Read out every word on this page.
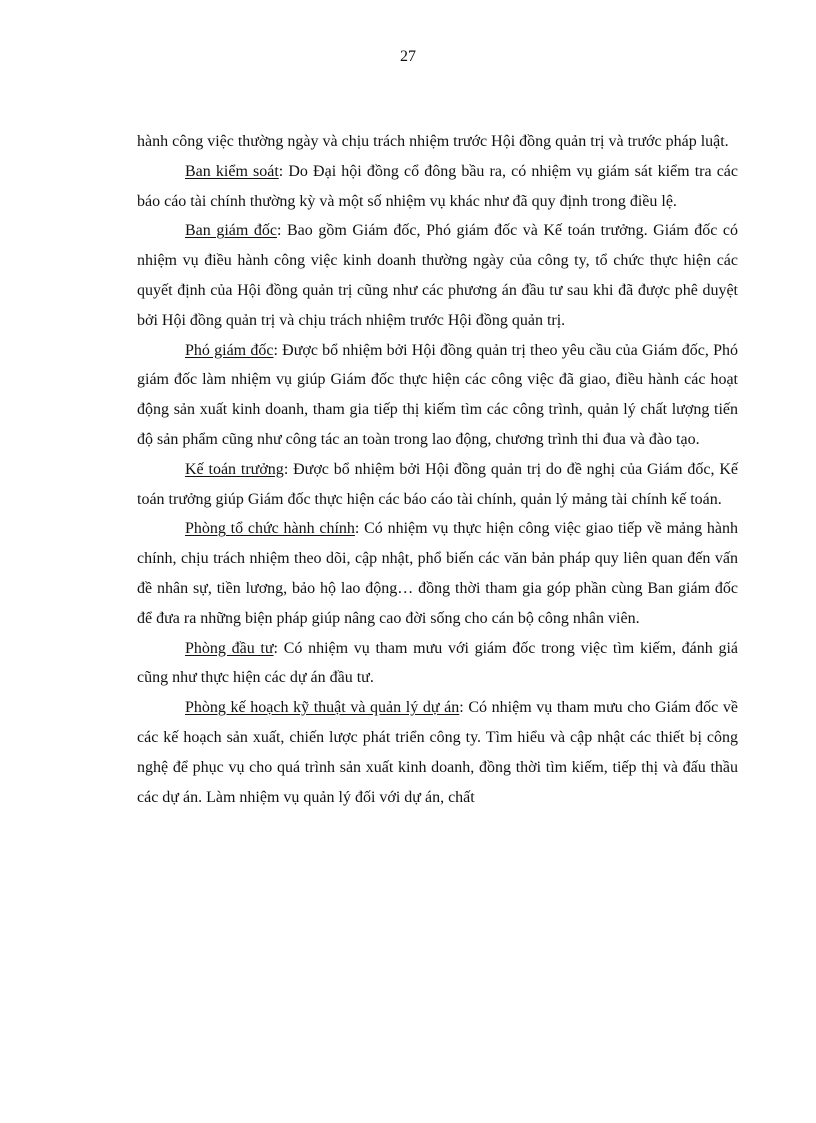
27

hành công việc thường ngày và chịu trách nhiệm trước Hội đồng quản trị và trước pháp luật.

Ban kiểm soát: Do Đại hội đồng cổ đông bầu ra, có nhiệm vụ giám sát kiểm tra các báo cáo tài chính thường kỳ và một số nhiệm vụ khác như đã quy định trong điều lệ.

Ban giám đốc: Bao gồm Giám đốc, Phó giám đốc và Kế toán trưởng. Giám đốc có nhiệm vụ điều hành công việc kinh doanh thường ngày của công ty, tổ chức thực hiện các quyết định của Hội đồng quản trị cũng như các phương án đầu tư sau khi đã được phê duyệt bởi Hội đồng quản trị và chịu trách nhiệm trước Hội đồng quản trị.

Phó giám đốc: Được bổ nhiệm bởi Hội đồng quản trị theo yêu cầu của Giám đốc, Phó giám đốc làm nhiệm vụ giúp Giám đốc thực hiện các công việc đã giao, điều hành các hoạt động sản xuất kinh doanh, tham gia tiếp thị kiếm tìm các công trình, quản lý chất lượng tiến độ sản phẩm cũng như công tác an toàn trong lao động, chương trình thi đua và đào tạo.

Kế toán trưởng: Được bổ nhiệm bởi Hội đồng quản trị do đề nghị của Giám đốc, Kế toán trưởng giúp Giám đốc thực hiện các báo cáo tài chính, quản lý mảng tài chính kế toán.

Phòng tổ chức hành chính: Có nhiệm vụ thực hiện công việc giao tiếp về mảng hành chính, chịu trách nhiệm theo dõi, cập nhật, phổ biến các văn bản pháp quy liên quan đến vấn đề nhân sự, tiền lương, bảo hộ lao động… đồng thời tham gia góp phần cùng Ban giám đốc để đưa ra những biện pháp giúp nâng cao đời sống cho cán bộ công nhân viên.

Phòng đầu tư: Có nhiệm vụ tham mưu với giám đốc trong việc tìm kiếm, đánh giá cũng như thực hiện các dự án đầu tư.

Phòng kế hoạch kỹ thuật và quản lý dự án: Có nhiệm vụ tham mưu cho Giám đốc về các kế hoạch sản xuất, chiến lược phát triển công ty. Tìm hiểu và cập nhật các thiết bị công nghệ để phục vụ cho quá trình sản xuất kinh doanh, đồng thời tìm kiếm, tiếp thị và đấu thầu các dự án. Làm nhiệm vụ quản lý đối với dự án, chất
